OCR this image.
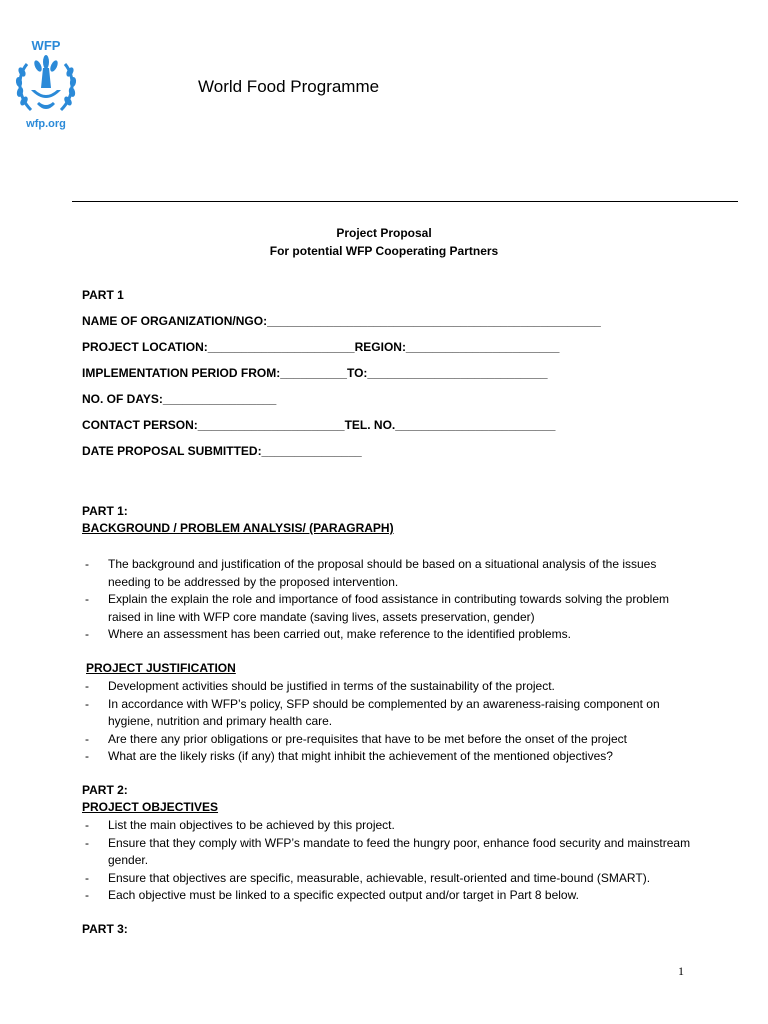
WFP
wfp.org
World Food Programme
Project Proposal
For potential WFP Cooperating Partners
PART 1
NAME OF ORGANIZATION/NGO:__________________________________________________
PROJECT LOCATION:______________________REGION:_______________________
IMPLEMENTATION PERIOD FROM:__________TO:___________________________
NO. OF DAYS:_________________
CONTACT PERSON:______________________TEL. NO.________________________
DATE PROPOSAL SUBMITTED:_______________
PART 1:
BACKGROUND / PROBLEM ANALYSIS/ (PARAGRAPH)
- The background and justification of the proposal should be based on a situational analysis of the issues needing to be addressed by the proposed intervention.
- Explain the explain the role and importance of food assistance in contributing towards solving the problem raised in line with WFP core mandate (saving lives, assets preservation, gender)
- Where an assessment has been carried out, make reference to the identified problems.
PROJECT JUSTIFICATION
- Development activities should be justified in terms of the sustainability of the project.
- In accordance with WFP’s policy, SFP should be complemented by an awareness-raising component on hygiene, nutrition and primary health care.
- Are there any prior obligations or pre-requisites that have to be met before the onset of the project
- What are the likely risks (if any) that might inhibit the achievement of the mentioned objectives?
PART 2:
PROJECT OBJECTIVES
- List the main objectives to be achieved by this project.
- Ensure that they comply with WFP’s mandate to feed the hungry poor, enhance food security and mainstream gender.
- Ensure that objectives are specific, measurable, achievable, result-oriented and time-bound (SMART).
- Each objective must be linked to a specific expected output and/or target in Part 8 below.
PART 3:
1
